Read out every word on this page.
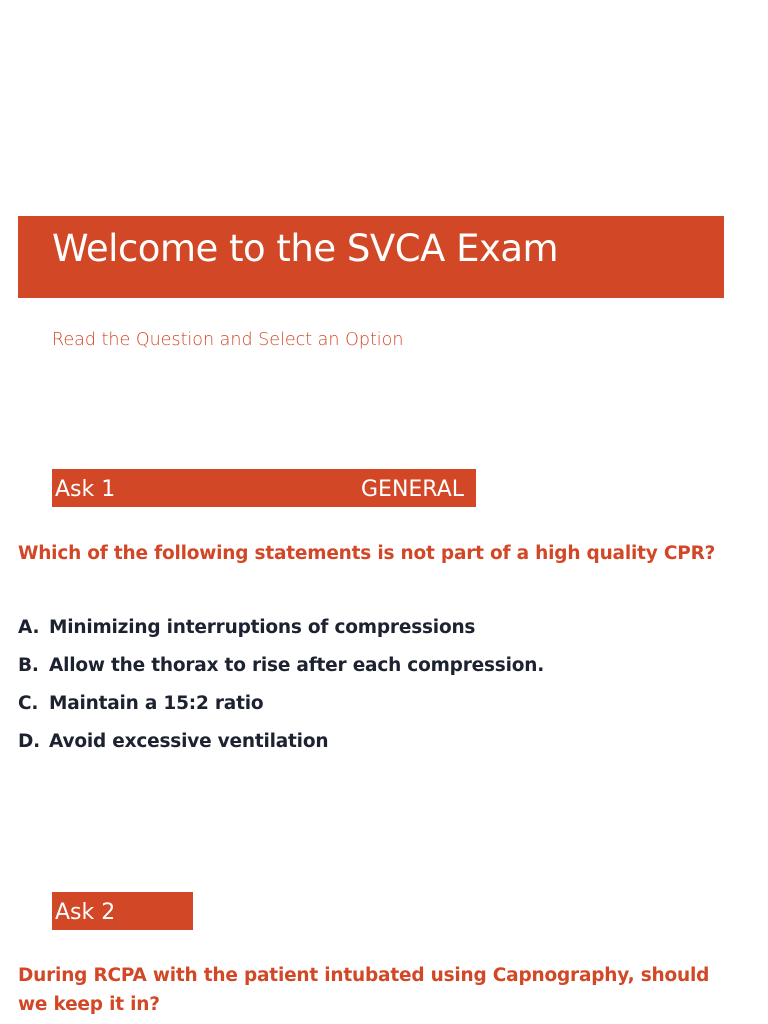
Welcome to the SVCA Exam
Read the Question and Select an Option
Ask 1	GENERAL
Which of the following statements is not part of a high quality CPR?
A. Minimizing interruptions of compressions
B. Allow the thorax to rise after each compression.
C. Maintain a 15:2 ratio
D. Avoid excessive ventilation
Ask 2
During RCPA with the patient intubated using Capnography, should we keep it in?
